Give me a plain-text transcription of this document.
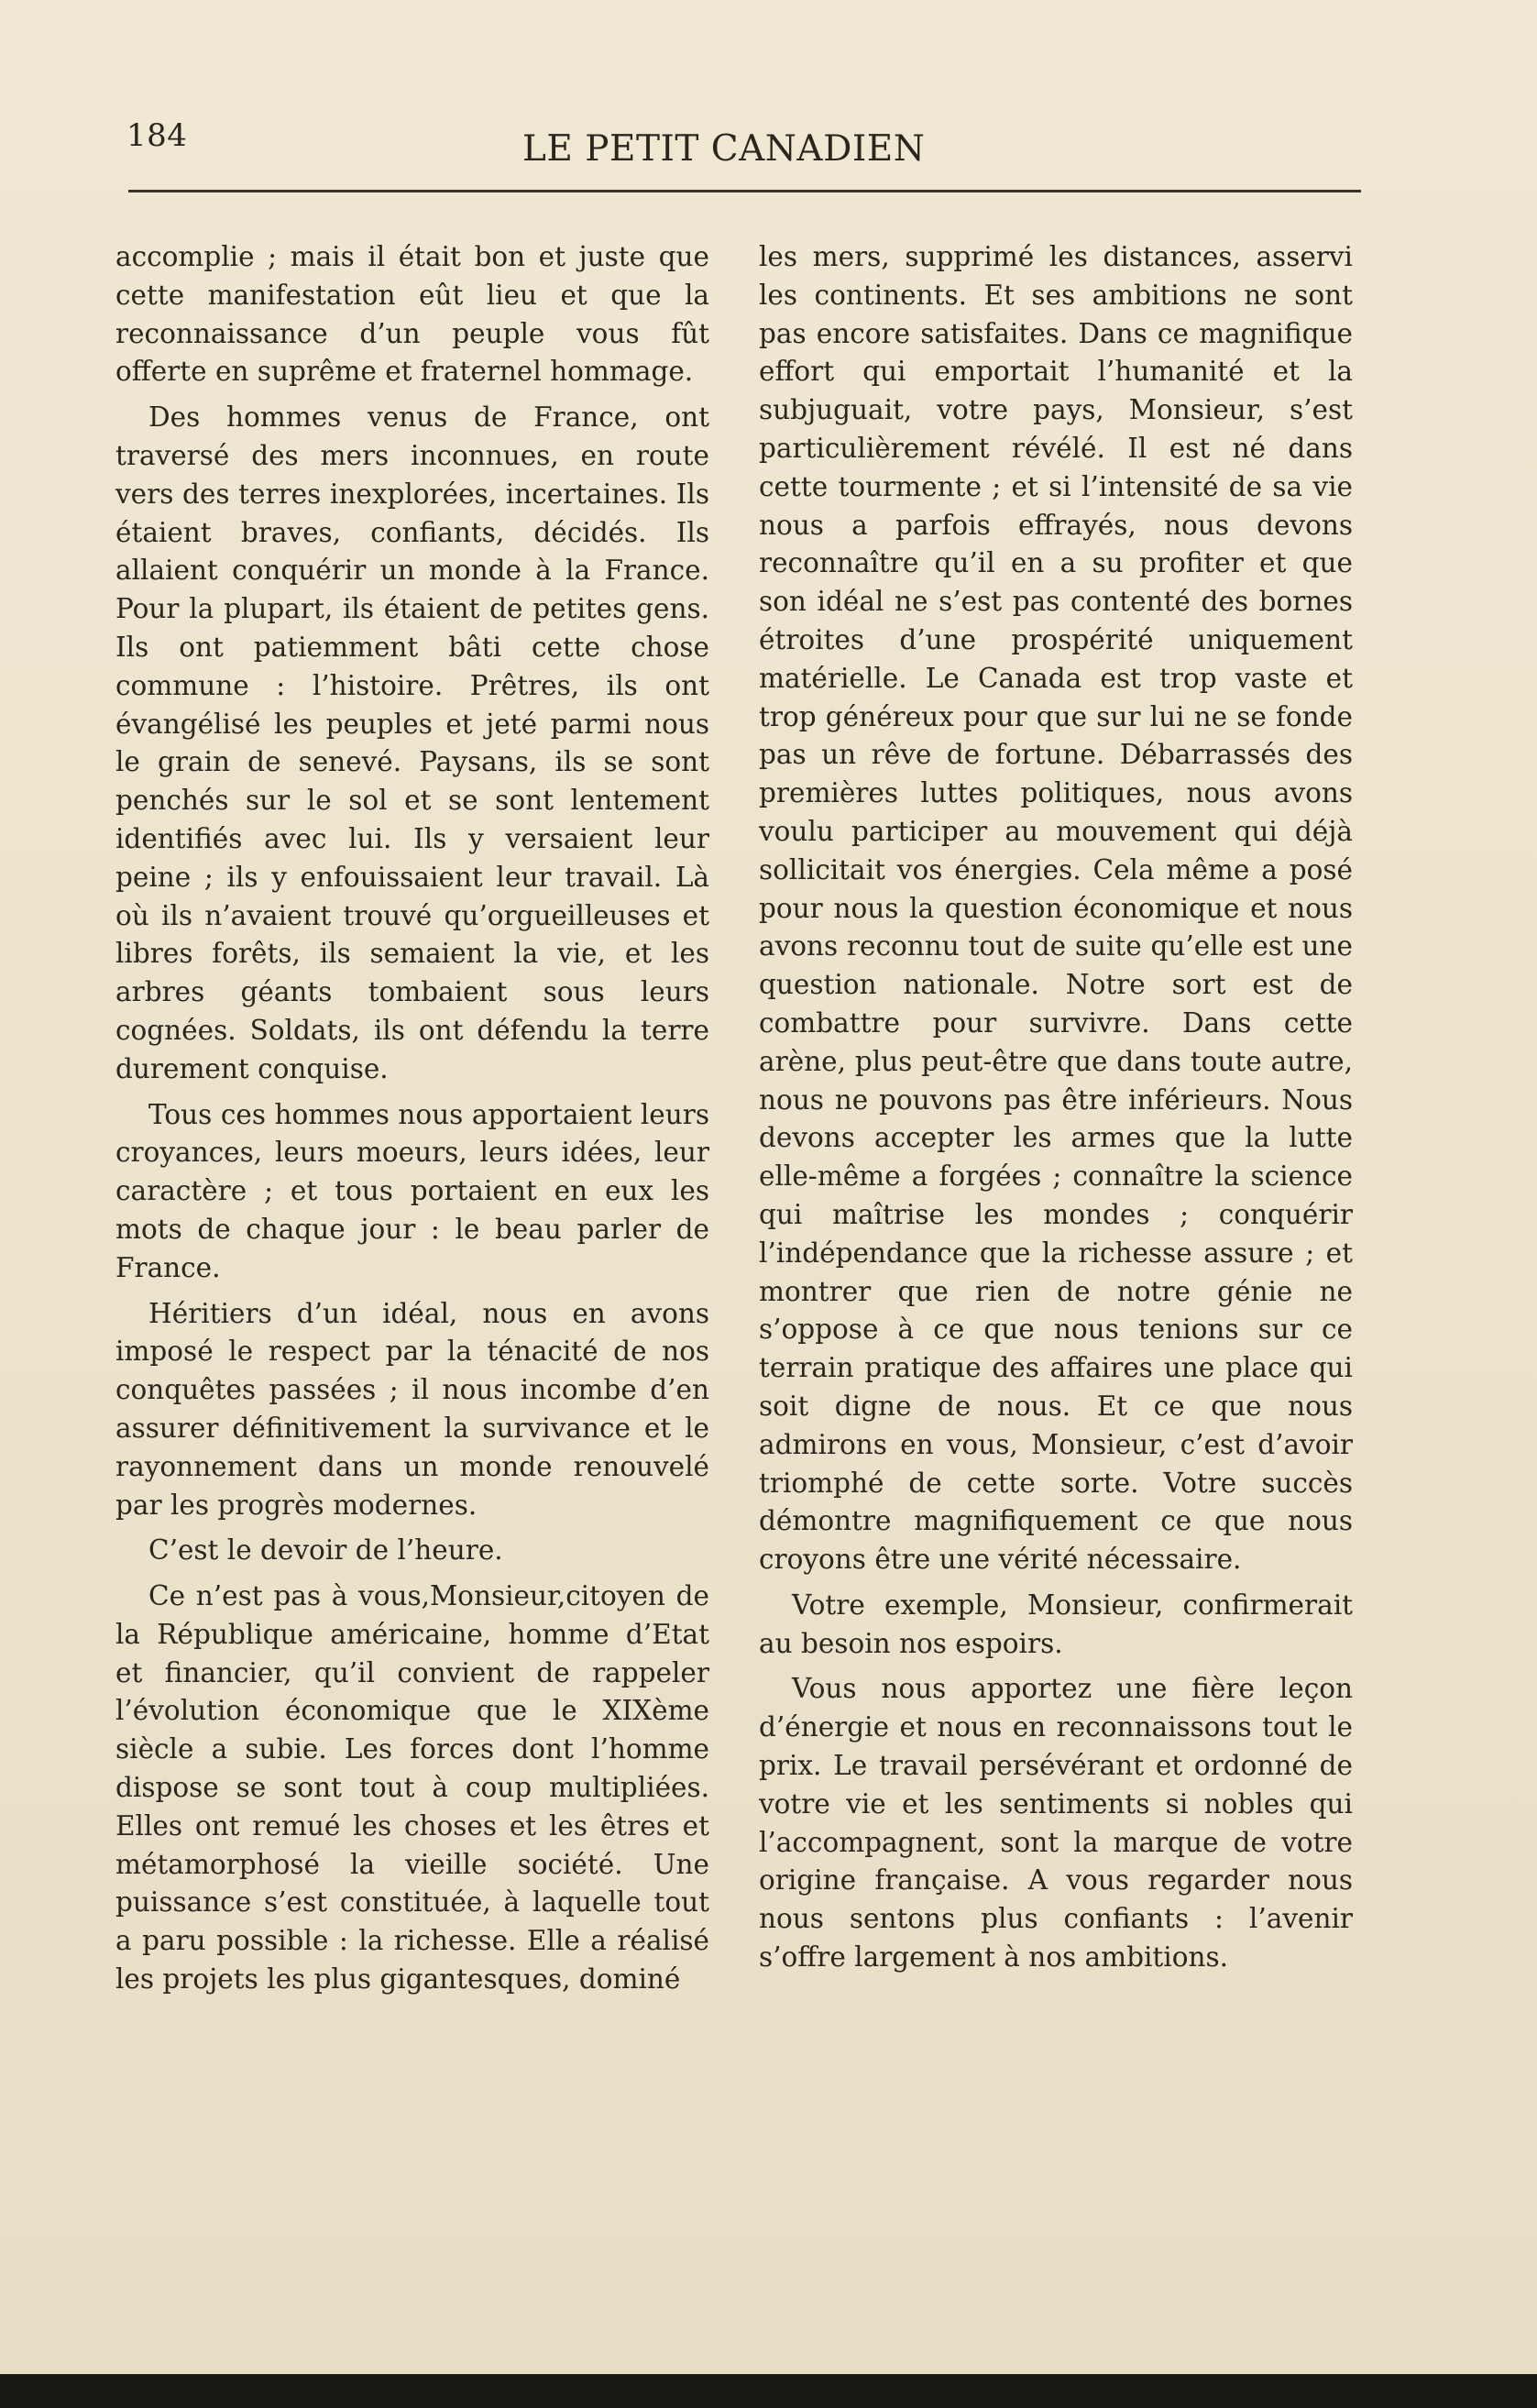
184	LE PETIT CANADIEN

accomplie ; mais il était bon et juste que cette manifestation eût lieu et que la reconnaissance d’un peuple vous fût offerte en suprême et fraternel hommage.

Des hommes venus de France, ont traversé des mers inconnues, en route vers des terres inexplorées, incertaines. Ils étaient braves, confiants, décidés. Ils allaient conquérir un monde à la France. Pour la plupart, ils étaient de petites gens. Ils ont patiemment bâti cette chose commune : l’histoire. Prêtres, ils ont évangélisé les peuples et jeté parmi nous le grain de senevé. Paysans, ils se sont penchés sur le sol et se sont lentement identifiés avec lui. Ils y versaient leur peine ; ils y enfouissaient leur travail. Là où ils n’avaient trouvé qu’orgueilleuses et libres forêts, ils semaient la vie, et les arbres géants tombaient sous leurs cognées. Soldats, ils ont défendu la terre durement conquise.

Tous ces hommes nous apportaient leurs croyances, leurs moeurs, leurs idées, leur caractère ; et tous portaient en eux les mots de chaque jour : le beau parler de France.

Héritiers d’un idéal, nous en avons imposé le respect par la ténacité de nos conquêtes passées ; il nous incombe d’en assurer définitivement la survivance et le rayonnement dans un monde renouvelé par les progrès modernes.

C’est le devoir de l’heure.

Ce n’est pas à vous,Monsieur,citoyen de la République américaine, homme d’Etat et financier, qu’il convient de rappeler l’évolution économique que le XIXème siècle a subie. Les forces dont l’homme dispose se sont tout à coup multipliées. Elles ont remué les choses et les êtres et métamorphosé la vieille société. Une puissance s’est constituée, à laquelle tout a paru possible : la richesse. Elle a réalisé les projets les plus gigantesques, dominé

les mers, supprimé les distances, asservi les continents. Et ses ambitions ne sont pas encore satisfaites. Dans ce magnifique effort qui emportait l’humanité et la subjuguait, votre pays, Monsieur, s’est particulièrement révélé. Il est né dans cette tourmente ; et si l’intensité de sa vie nous a parfois effrayés, nous devons reconnaître qu’il en a su profiter et que son idéal ne s’est pas contenté des bornes étroites d’une prospérité uniquement matérielle. Le Canada est trop vaste et trop généreux pour que sur lui ne se fonde pas un rêve de fortune. Débarrassés des premières luttes politiques, nous avons voulu participer au mouvement qui déjà sollicitait vos énergies. Cela même a posé pour nous la question économique et nous avons reconnu tout de suite qu’elle est une question nationale. Notre sort est de combattre pour survivre. Dans cette arène, plus peut-être que dans toute autre, nous ne pouvons pas être inférieurs. Nous devons accepter les armes que la lutte elle-même a forgées ; connaître la science qui maîtrise les mondes ; conquérir l’indépendance que la richesse assure ; et montrer que rien de notre génie ne s’oppose à ce que nous tenions sur ce terrain pratique des affaires une place qui soit digne de nous. Et ce que nous admirons en vous, Monsieur, c’est d’avoir triomphé de cette sorte. Votre succès démontre magnifiquement ce que nous croyons être une vérité nécessaire.

Votre exemple, Monsieur, confirmerait au besoin nos espoirs.

Vous nous apportez une fière leçon d’énergie et nous en reconnaissons tout le prix. Le travail persévérant et ordonné de votre vie et les sentiments si nobles qui l’accompagnent, sont la marque de votre origine française. A vous regarder nous nous sentons plus confiants : l’avenir s’offre largement à nos ambitions.
